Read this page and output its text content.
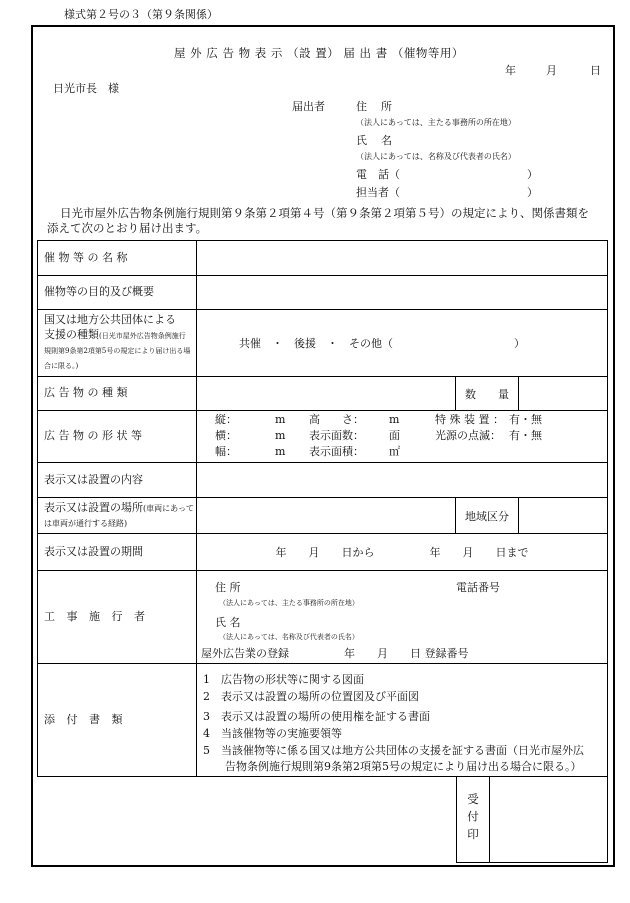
様式第２号の３（第９条関係）
屋 外 広 告 物 表 示 （設 置） 届 出 書 （催物等用）
年	月	日
日光市長　様
届出者	住所
（法人にあっては、主たる事務所の所在地）
氏名
（法人にあっては、名称及び代表者の氏名）
電　話（	）
担当者（	）
日光市屋外広告物条例施行規則第９条第２項第４号（第９条第２項第５号）の規定により、関係書類を
添えて次のとおり届け出ます。
催 物 等 の 名 称
催物等の目的及び概要
国又は地方公共団体による
支援の種類(日光市屋外広告物条例施行規則第9条第2項第5号の規定により届け出る場合に限る。)
共催　・　後援　・　その他（　　　　　　　　　　　）
広 告 物 の 種 類	数　　量
広 告 物 の 形 状 等
縦：	m 高　　さ： m	特 殊 装 置 ： 有・無
横：	m 表示面数： 面	光源の点滅： 有・無
幅：	m 表示面積： ㎡
表示又は設置の内容
表示又は設置の場所(車両にあっては車両が通行する経路)
地域区分
表示又は設置の期間	年　　月　　日から　　　　　年　　月　　日まで
工 事 施 行 者
住 所	電話番号
（法人にあっては、主たる事務所の所在地）
氏 名
（法人にあっては、名称及び代表者の氏名）
屋外広告業の登録　　　　　年　　月　　日 登録番号
添 付 書 類
1　広告物の形状等に関する図面
2　表示又は設置の場所の位置図及び平面図
3　表示又は設置の場所の使用権を証する書面
4　当該催物等の実施要領等
5　当該催物等に係る国又は地方公共団体の支援を証する書面（日光市屋外広
　　告物条例施行規則第9条第2項第5号の規定により届け出る場合に限る。）
受付印
